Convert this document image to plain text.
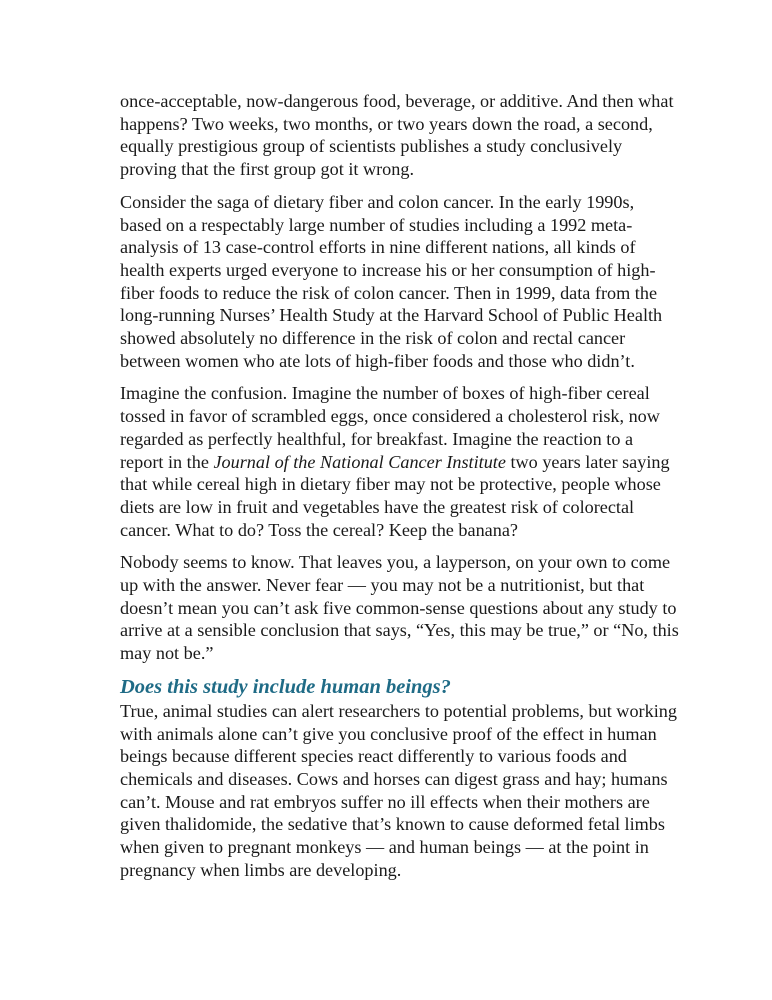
once-acceptable, now-dangerous food, beverage, or additive. And then what happens? Two weeks, two months, or two years down the road, a second, equally prestigious group of scientists publishes a study conclusively proving that the first group got it wrong.

Consider the saga of dietary fiber and colon cancer. In the early 1990s, based on a respectably large number of studies including a 1992 meta-analysis of 13 case-control efforts in nine different nations, all kinds of health experts urged everyone to increase his or her consumption of high-fiber foods to reduce the risk of colon cancer. Then in 1999, data from the long-running Nurses’ Health Study at the Harvard School of Public Health showed absolutely no difference in the risk of colon and rectal cancer between women who ate lots of high-fiber foods and those who didn’t.

Imagine the confusion. Imagine the number of boxes of high-fiber cereal tossed in favor of scrambled eggs, once considered a cholesterol risk, now regarded as perfectly healthful, for breakfast. Imagine the reaction to a report in the Journal of the National Cancer Institute two years later saying that while cereal high in dietary fiber may not be protective, people whose diets are low in fruit and vegetables have the greatest risk of colorectal cancer. What to do? Toss the cereal? Keep the banana?

Nobody seems to know. That leaves you, a layperson, on your own to come up with the answer. Never fear — you may not be a nutritionist, but that doesn’t mean you can’t ask five common-sense questions about any study to arrive at a sensible conclusion that says, “Yes, this may be true,” or “No, this may not be.”

Does this study include human beings?

True, animal studies can alert researchers to potential problems, but working with animals alone can’t give you conclusive proof of the effect in human beings because different species react differently to various foods and chemicals and diseases. Cows and horses can digest grass and hay; humans can’t. Mouse and rat embryos suffer no ill effects when their mothers are given thalidomide, the sedative that’s known to cause deformed fetal limbs when given to pregnant monkeys — and human beings — at the point in pregnancy when limbs are developing.
